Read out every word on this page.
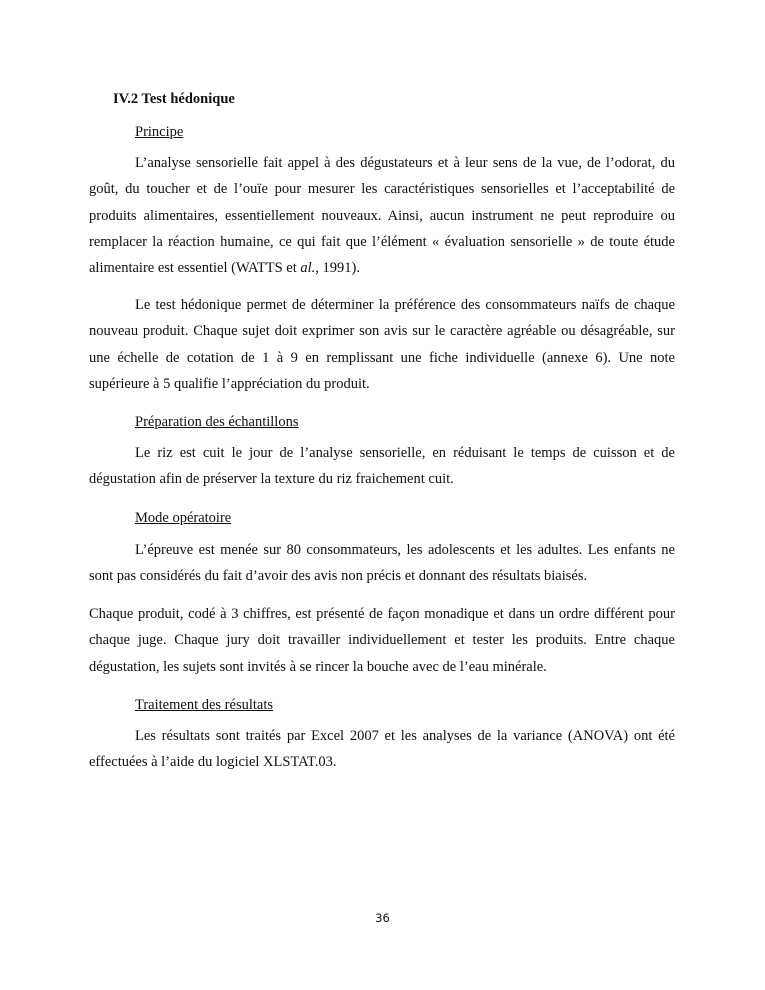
IV.2 Test hédonique

Principe

L’analyse sensorielle fait appel à des dégustateurs et à leur sens de la vue, de l’odorat, du goût, du toucher et de l’ouïe pour mesurer les caractéristiques sensorielles et l’acceptabilité de produits alimentaires, essentiellement nouveaux. Ainsi, aucun instrument ne peut reproduire ou remplacer la réaction humaine, ce qui fait que l’élément « évaluation sensorielle » de toute étude alimentaire est essentiel (WATTS et al., 1991).

Le test hédonique permet de déterminer la préférence des consommateurs naïfs de chaque nouveau produit. Chaque sujet doit exprimer son avis sur le caractère agréable ou désagréable, sur une échelle de cotation de 1 à 9 en remplissant une fiche individuelle (annexe 6). Une note supérieure à 5 qualifie l’appréciation du produit.

Préparation des échantillons

Le riz est cuit le jour de l’analyse sensorielle, en réduisant le temps de cuisson et de dégustation afin de préserver la texture du riz fraichement cuit.

Mode opératoire

L’épreuve est menée sur 80 consommateurs, les adolescents et les adultes. Les enfants ne sont pas considérés du fait d’avoir des avis non précis et donnant des résultats biaisés.

Chaque produit, codé à 3 chiffres, est présenté de façon monadique et dans un ordre différent pour chaque juge. Chaque jury doit travailler individuellement et tester les produits. Entre chaque dégustation, les sujets sont invités à se rincer la bouche avec de l’eau minérale.

Traitement des résultats

Les résultats sont traités par Excel 2007 et les analyses de la variance (ANOVA) ont été effectuées à l’aide du logiciel XLSTAT.03.

36
